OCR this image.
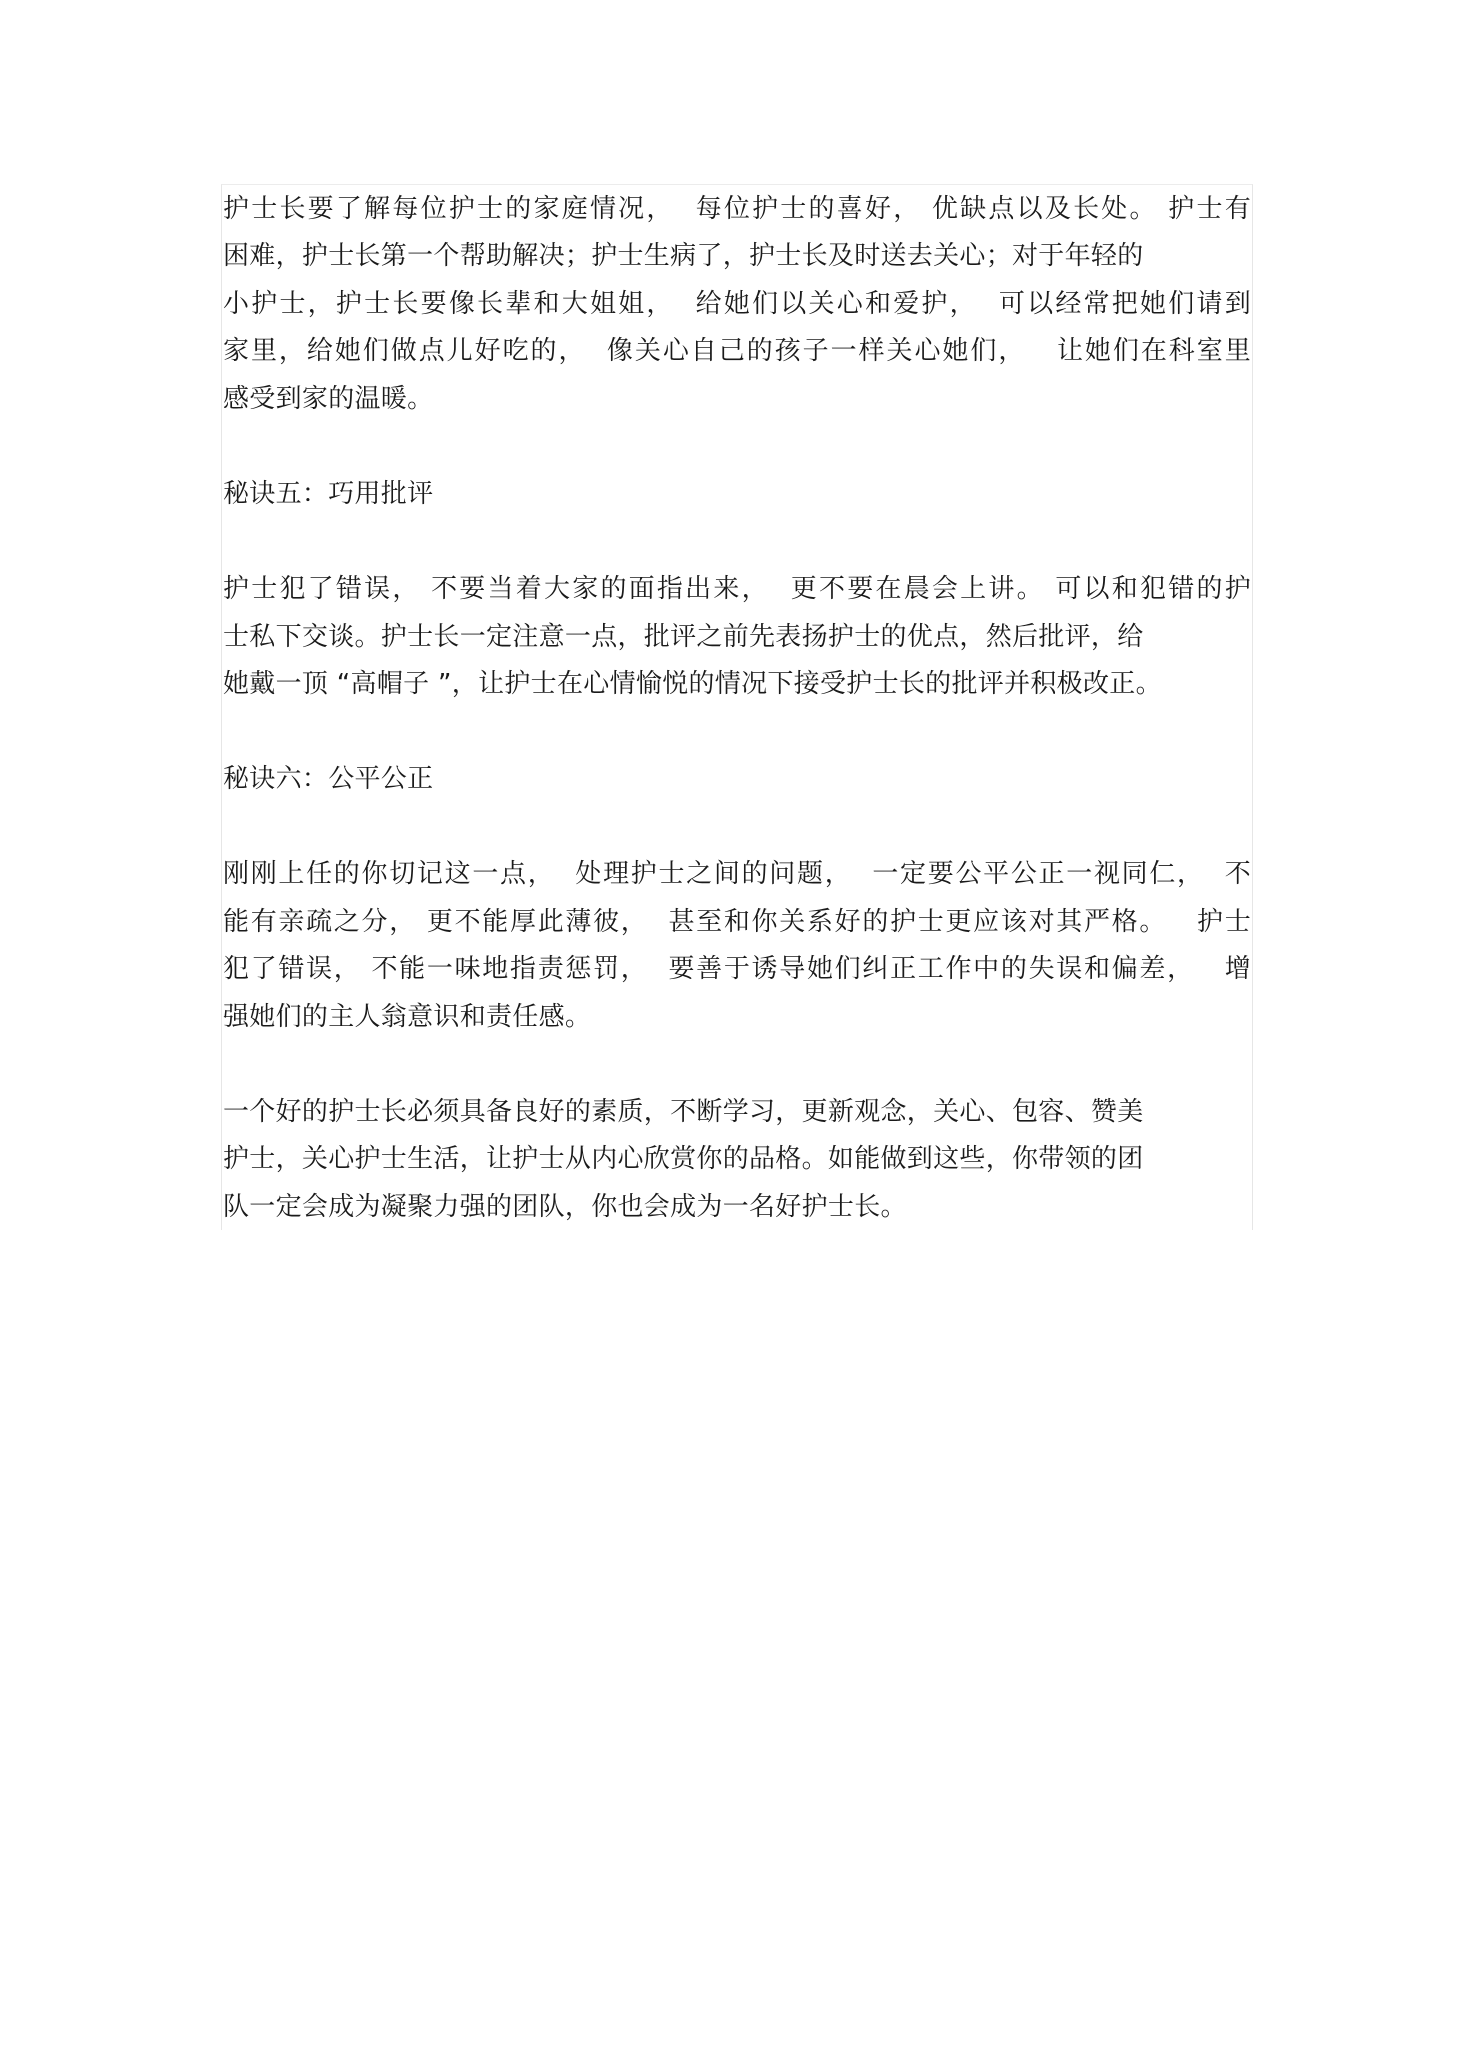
护士长要了解每位护士的家庭情况，  每位护士的喜好， 优缺点以及长处。 护士有

困难，护士长第一个帮助解决；护士生病了，护士长及时送去关心；对于年轻的

小护士，护士长要像长辈和大姐姐，  给她们以关心和爱护，  可以经常把她们请到

家里，给她们做点儿好吃的，  像关心自己的孩子一样关心她们，   让她们在科室里

感受到家的温暖。

秘诀五：巧用批评

护士犯了错误， 不要当着大家的面指出来，  更不要在晨会上讲。 可以和犯错的护

士私下交谈。护士长一定注意一点，批评之前先表扬护士的优点，然后批评，给

她戴一顶 “高帽子 ”，让护士在心情愉悦的情况下接受护士长的批评并积极改正。

秘诀六：公平公正

刚刚上任的你切记这一点，  处理护士之间的问题，  一定要公平公正一视同仁，  不

能有亲疏之分， 更不能厚此薄彼，  甚至和你关系好的护士更应该对其严格。   护士

犯了错误， 不能一味地指责惩罚，  要善于诱导她们纠正工作中的失误和偏差，   增

强她们的主人翁意识和责任感。

一个好的护士长必须具备良好的素质，不断学习，更新观念，关心、包容、赞美

护士，关心护士生活，让护士从内心欣赏你的品格。如能做到这些，你带领的团

队一定会成为凝聚力强的团队，你也会成为一名好护士长。
